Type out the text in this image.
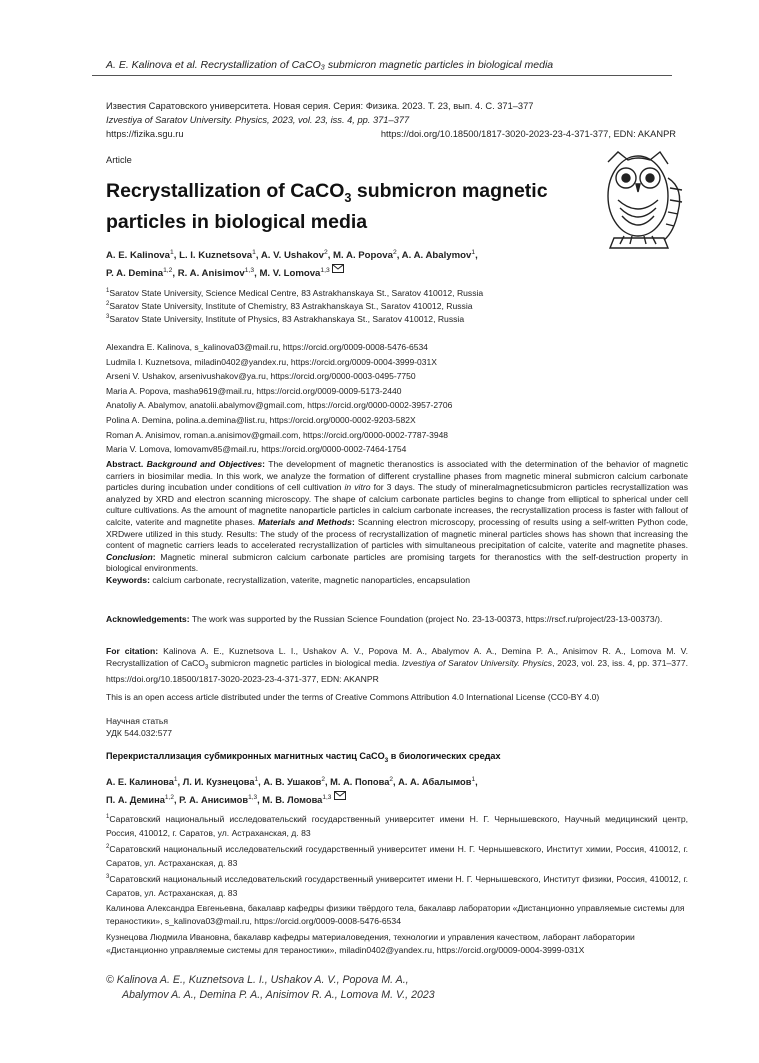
A. E. Kalinova et al. Recrystallization of CaCO₃ submicron magnetic particles in biological media
Известия Саратовского университета. Новая серия. Серия: Физика. 2023. Т. 23, вып. 4. С. 371–377
Izvestiya of Saratov University. Physics, 2023, vol. 23, iss. 4, pp. 371–377
https://fizika.sgu.ru	https://doi.org/10.18500/1817-3020-2023-23-4-371-377, EDN: AKANPR
Article
Recrystallization of CaCO$_3$ submicron magnetic particles in biological media
A. E. Kalinova$^1$, L. I. Kuznetsova$^1$, A. V. Ushakov$^2$, M. A. Popova$^2$, A. A. Abalymov$^1$,
P. A. Demina$^{1,2}$, R. A. Anisimov$^{1,3}$, M. V. Lomova$^{1,3}$
$^1$Saratov State University, Science Medical Centre, 83 Astrakhanskaya St., Saratov 410012, Russia
$^2$Saratov State University, Institute of Chemistry, 83 Astrakhanskaya St., Saratov 410012, Russia
$^3$Saratov State University, Institute of Physics, 83 Astrakhanskaya St., Saratov 410012, Russia
Alexandra E. Kalinova, s_kalinova03@mail.ru, https://orcid.org/0009-0008-5476-6534
Ludmila I. Kuznetsova, miladin0402@yandex.ru, https://orcid.org/0009-0004-3999-031X
Arseni V. Ushakov, arsenivushakov@ya.ru, https://orcid.org/0000-0003-0495-7750
Maria A. Popova, masha9619@mail.ru, https://orcid.org/0009-0009-5173-2440
Anatoliy A. Abalymov, anatolii.abalymov@gmail.com, https://orcid.org/0000-0002-3957-2706
Polina A. Demina, polina.a.demina@list.ru, https://orcid.org/0000-0002-9203-582X
Roman A. Anisimov, roman.a.anisimov@gmail.com, https://orcid.org/0000-0002-7787-3948
Maria V. Lomova, lomovamv85@mail.ru, https://orcid.org/0000-0002-7464-1754
Abstract. Background and Objectives: The development of magnetic theranostics is associated with the determination of the behavior of magnetic carriers in biosimilar media. In this work, we analyze the formation of different crystalline phases from magnetic mineral submicron calcium carbonate particles during incubation under conditions of cell cultivation in vitro for 3 days. The study of mineralmagneticsubmicron particles recrystallization was analyzed by XRD and electron scanning microscopy. The shape of calcium carbonate particles begins to change from elliptical to spherical under cell culture cultivations. As the amount of magnetite nanoparticle particles in calcium carbonate increases, the recrystallization process is faster with fallout of calcite, vaterite and magnetite phases. Materials and Methods: Scanning electron microscopy, processing of results using a self-written Python code, XRDwere utilized in this study. Results: The study of the process of recrystallization of magnetic mineral particles shows has shown that increasing the content of magnetic carriers leads to accelerated recrystallization of particles with simultaneous precipitation of calcite, vaterite and magnetite phases. Conclusion: Magnetic mineral submicron calcium carbonate particles are promising targets for theranostics with the self-destruction property in biological environments.
Keywords: calcium carbonate, recrystallization, vaterite, magnetic nanoparticles, encapsulation
Acknowledgements: The work was supported by the Russian Science Foundation (project No. 23-13-00373, https://rscf.ru/project/23-13-00373/).
For citation: Kalinova A. E., Kuznetsova L. I., Ushakov A. V., Popova M. A., Abalymov A. A., Demina P. A., Anisimov R. A., Lomova M. V. Recrystallization of CaCO$_3$ submicron magnetic particles in biological media. Izvestiya of Saratov University. Physics, 2023, vol. 23, iss. 4, pp. 371–377. https://doi.org/10.18500/1817-3020-2023-23-4-371-377, EDN: AKANPR
This is an open access article distributed under the terms of Creative Commons Attribution 4.0 International License (CC0-BY 4.0)
Научная статья
УДК 544.032:577
Перекристаллизация субмикронных магнитных частиц CaCO$_3$ в биологических средах
А. Е. Калинова$^1$, Л. И. Кузнецова$^1$, А. В. Ушаков$^2$, М. А. Попова$^2$, А. А. Абалымов$^1$,
П. А. Демина$^{1,2}$, Р. А. Анисимов$^{1,3}$, М. В. Ломова$^{1,3}$
$^1$Саратовский национальный исследовательский государственный университет имени Н. Г. Чернышевского, Научный медицинский центр, Россия, 410012, г. Саратов, ул. Астраханская, д. 83
$^2$Саратовский национальный исследовательский государственный университет имени Н. Г. Чернышевского, Институт химии, Россия, 410012, г. Саратов, ул. Астраханская, д. 83
$^3$Саратовский национальный исследовательский государственный университет имени Н. Г. Чернышевского, Институт физики, Россия, 410012, г. Саратов, ул. Астраханская, д. 83
Калинова Александра Евгеньевна, бакалавр кафедры физики твёрдого тела, бакалавр лаборатории «Дистанционно управляемые системы для тераностики», s_kalinova03@mail.ru, https://orcid.org/0009-0008-5476-6534
Кузнецова Людмила Ивановна, бакалавр кафедры материаловедения, технологии и управления качеством, лаборант лаборатории «Дистанционно управляемые системы для тераностики», miladin0402@yandex.ru, https://orcid.org/0009-0004-3999-031X
© Kalinova A. E., Kuznetsova L. I., Ushakov A. V., Popova M. A.,
Abalymov A. A., Demina P. A., Anisimov R. A., Lomova M. V., 2023
